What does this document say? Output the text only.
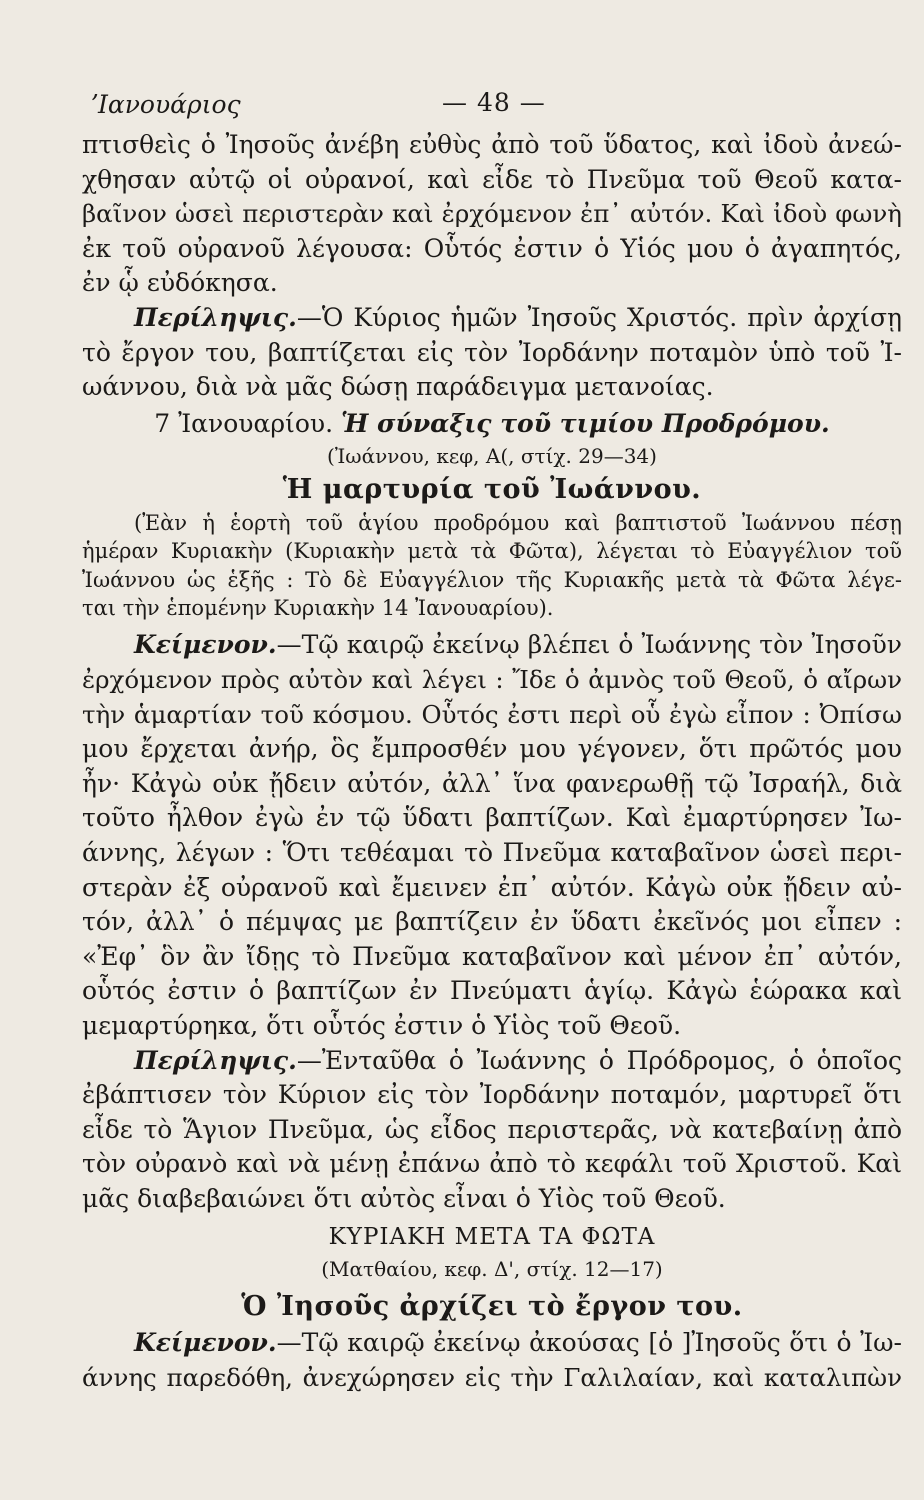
ʼΙανουάριος	— 48 —
πτισθεὶς ὁ Ἰησοῦς ἀνέβη εὐθὺς ἀπὸ τοῦ ὕδατος, καὶ ἰδοὺ ἀνεώ-
χθησαν αὐτῷ οἱ οὐρανοί, καὶ εἶδε τὸ Πνεῦμα τοῦ Θεοῦ κατα-
βαῖνον ὡσεὶ περιστερὰν καὶ ἐρχόμενον ἐπ᾽ αὐτόν. Καὶ ἰδοὺ φωνὴ
ἐκ τοῦ οὐρανοῦ λέγουσα: Οὗτός ἐστιν ὁ Υἱός μου ὁ ἀγαπητός,
ἐν ᾧ εὐδόκησα.
Περίληψις.—Ὁ Κύριος ἡμῶν Ἰησοῦς Χριστός. πρὶν ἀρχίσῃ
τὸ ἔργον του, βαπτίζεται εἰς τὸν Ἰορδάνην ποταμὸν ὑπὸ τοῦ Ἰ-
ωάννου, διὰ νὰ μᾶς δώσῃ παράδειγμα μετανοίας.
7 Ἰανουαρίου. Ἡ σύναξις τοῦ τιμίου Προδρόμου.
(Ἰωάννου, κεφ, Α(, στίχ. 29—34)
Ἡ μαρτυρία τοῦ Ἰωάννου.
(Ἐὰν ἡ ἑορτὴ τοῦ ἁγίου προδρόμου καὶ βαπτιστοῦ Ἰωάννου πέσῃ
ἡμέραν Κυριακὴν (Κυριακὴν μετὰ τὰ Φῶτα), λέγεται τὸ Εὐαγγέλιον τοῦ
Ἰωάννου ὡς ἑξῆς : Τὸ δὲ Εὐαγγέλιον τῆς Κυριακῆς μετὰ τὰ Φῶτα λέγε-
ται τὴν ἑπομένην Κυριακὴν 14 Ἰανουαρίου).
Κείμενον.—Τῷ καιρῷ ἐκείνῳ βλέπει ὁ Ἰωάννης τὸν Ἰησοῦν
ἐρχόμενον πρὸς αὐτὸν καὶ λέγει : Ἴδε ὁ ἀμνὸς τοῦ Θεοῦ, ὁ αἴρων
τὴν ἁμαρτίαν τοῦ κόσμου. Οὗτός ἐστι περὶ οὗ ἐγὼ εἶπον : Ὀπίσω
μου ἔρχεται ἀνήρ, ὃς ἔμπροσθέν μου γέγονεν, ὅτι πρῶτός μου
ἦν· Κἀγὼ οὐκ ᾔδειν αὐτόν, ἀλλ᾽ ἵνα φανερωθῇ τῷ Ἰσραήλ, διὰ
τοῦτο ἦλθον ἐγὼ ἐν τῷ ὕδατι βαπτίζων. Καὶ ἐμαρτύρησεν Ἰω-
άννης, λέγων : Ὅτι τεθέαμαι τὸ Πνεῦμα καταβαῖνον ὡσεὶ περι-
στερὰν ἐξ οὐρανοῦ καὶ ἔμεινεν ἐπ᾽ αὐτόν. Κἀγὼ οὐκ ᾔδειν αὐ-
τόν, ἀλλ᾽ ὁ πέμψας με βαπτίζειν ἐν ὕδατι ἐκεῖνός μοι εἶπεν :
«Ἐφ᾽ ὃν ἂν ἴδῃς τὸ Πνεῦμα καταβαῖνον καὶ μένον ἐπ᾽ αὐτόν,
οὗτός ἐστιν ὁ βαπτίζων ἐν Πνεύματι ἁγίῳ. Κἀγὼ ἑώρακα καὶ
μεμαρτύρηκα, ὅτι οὗτός ἐστιν ὁ Υἱὸς τοῦ Θεοῦ.
Περίληψις.—Ἐνταῦθα ὁ Ἰωάννης ὁ Πρόδρομος, ὁ ὁποῖος
ἐβάπτισεν τὸν Κύριον εἰς τὸν Ἰορδάνην ποταμόν, μαρτυρεῖ ὅτι
εἶδε τὸ Ἅγιον Πνεῦμα, ὡς εἶδος περιστερᾶς, νὰ κατεβαίνῃ ἀπὸ
τὸν οὐρανὸ καὶ νὰ μένῃ ἐπάνω ἀπὸ τὸ κεφάλι τοῦ Χριστοῦ. Καὶ
μᾶς διαβεβαιώνει ὅτι αὐτὸς εἶναι ὁ Υἱὸς τοῦ Θεοῦ.
ΚΥΡΙΑΚΗ ΜΕΤΑ ΤΑ ΦΩΤΑ
(Ματθαίου, κεφ. Δ', στίχ. 12—17)
Ὁ Ἰησοῦς ἀρχίζει τὸ ἔργον του.
Κείμενον.—Τῷ καιρῷ ἐκείνῳ ἀκούσας [ὁ ]Ἰησοῦς ὅτι ὁ Ἰω-
άννης παρεδόθη, ἀνεχώρησεν εἰς τὴν Γαλιλαίαν, καὶ καταλιπὼν
